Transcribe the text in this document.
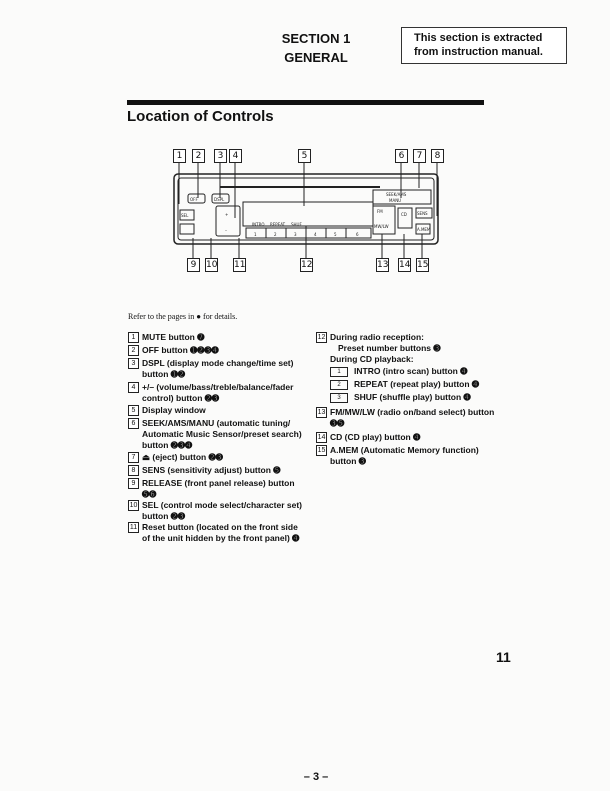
SECTION 1
GENERAL
This section is extracted from instruction manual.
Location of Controls
1	2	3	4	5	6	7	8
OFF	DSPL
SEL	+
–
SEEK/AMS
MANU
FM
CD
MW/LW
SENS
A.MEM
INTRO REPEAT SHUF
1	2	3	4	5	6
9	10 11	12	13 14 15
Refer to the pages in ● for details.
1 MUTE button ➐
2 OFF button ➊➋➌➍
3 DSPL (display mode change/time set) button ➊➋
4 +/– (volume/bass/treble/balance/fader control) button ➋➌
5 Display window
6 SEEK/AMS/MANU (automatic tuning/ Automatic Music Sensor/preset search) button ➋➌➍
7 ⏏ (eject) button ➋➌
8 SENS (sensitivity adjust) button ➎
9 RELEASE (front panel release) button ➎➏
10 SEL (control mode select/character set) button ➋➌
11 Reset button (located on the front side of the unit hidden by the front panel) ➍
12 During radio reception:
Preset number buttons ➌
During CD playback:
1 INTRO (intro scan) button ➍
2 REPEAT (repeat play) button ➍
3 SHUF (shuffle play) button ➍
13 FM/MW/LW (radio on/band select) button ➌➎
14 CD (CD play) button ➍
15 A.MEM (Automatic Memory function) button ➌
11
– 3 –
